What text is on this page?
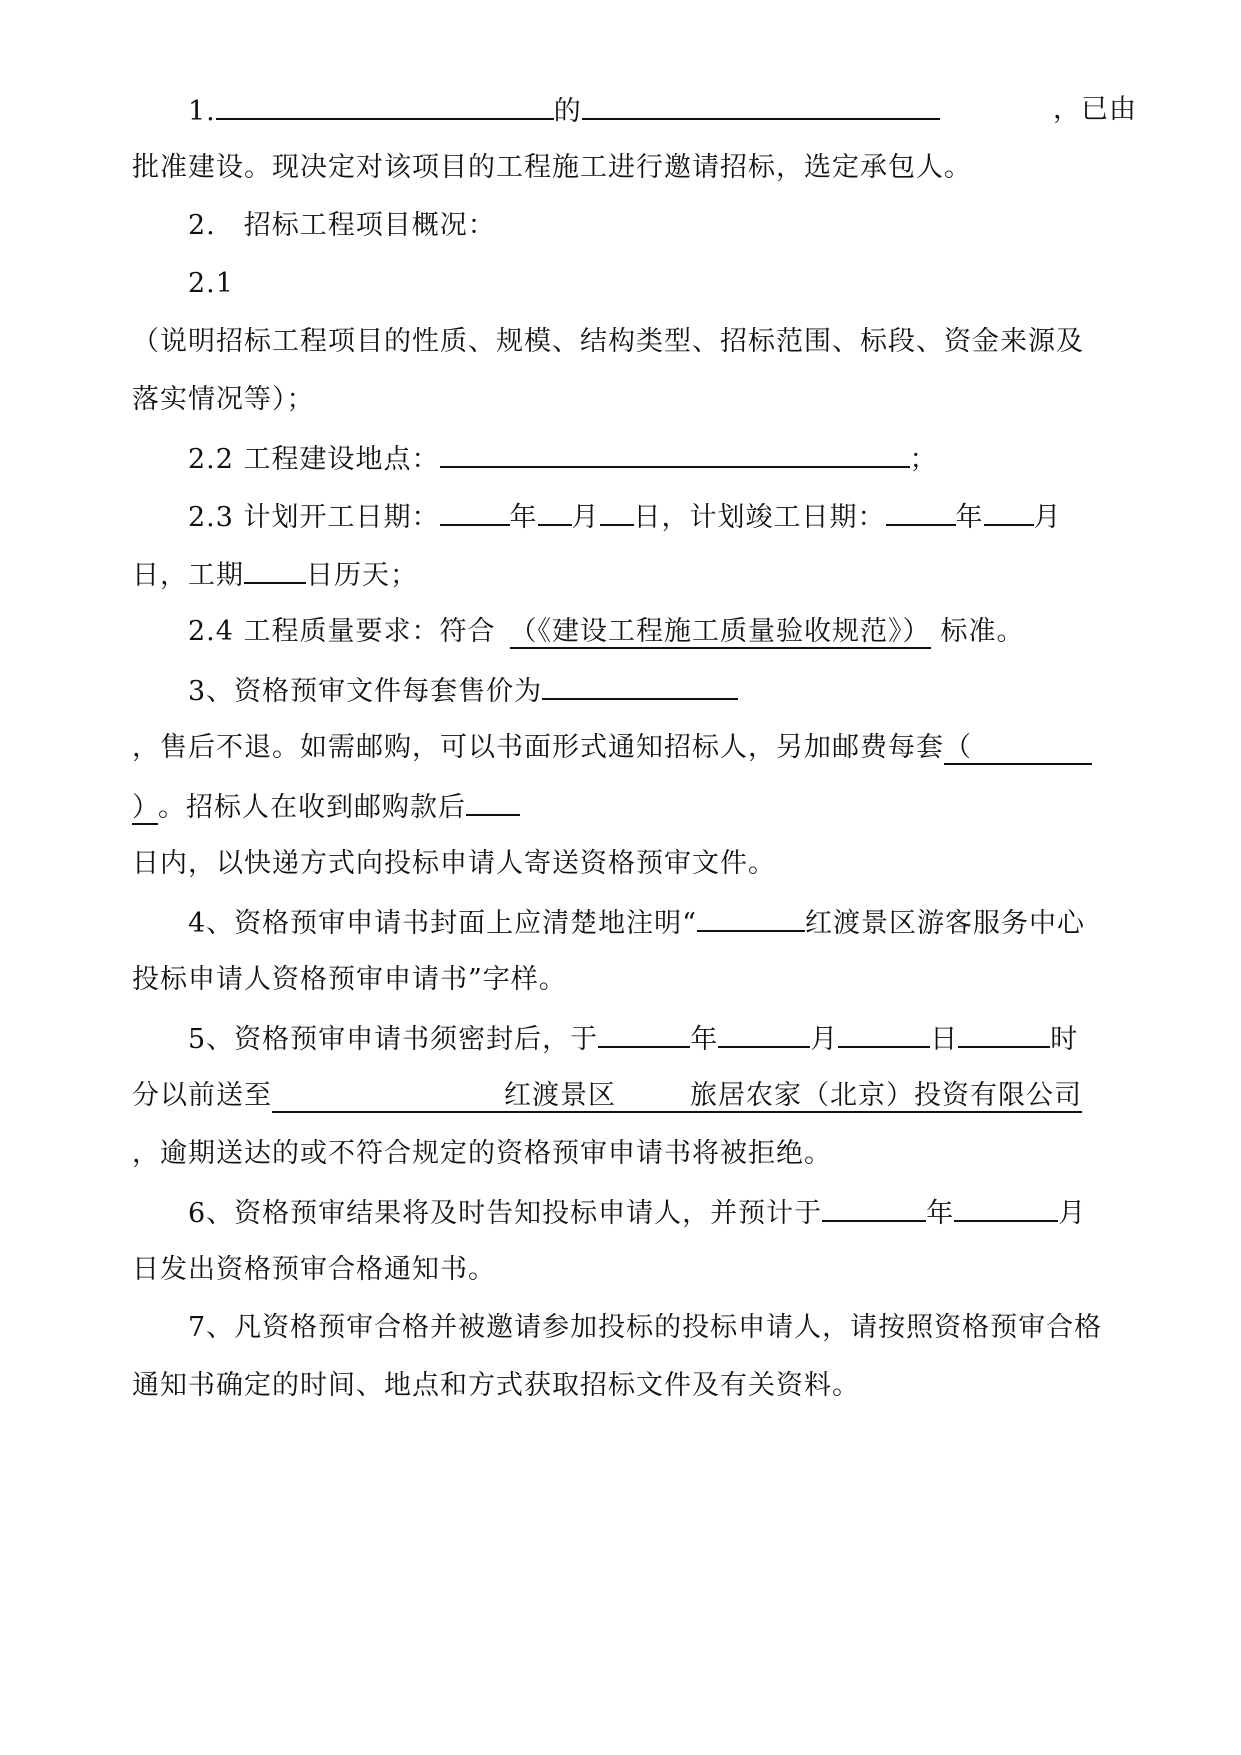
1.	的	，已由
批准建设。现决定对该项目的工程施工进行邀请招标，选定承包人。
2.　招标工程项目概况：
2.1
（说明招标工程项目的性质、规模、结构类型、招标范围、标段、资金来源及
落实情况等）；
2.2 工程建设地点：	；
2.3 计划开工日期：	年 月 日，计划竣工日期：	年 月
日，工期 日历天；
2.4 工程质量要求：符合 （《建设工程施工质量验收规范》） 标准。
3、资格预审文件每套售价为
，售后不退。如需邮购，可以书面形式通知招标人，另加邮费每套（
）。招标人在收到邮购款后
日内，以快递方式向投标申请人寄送资格预审文件。
4、资格预审申请书封面上应清楚地注明“	红渡景区游客服务中心
投标申请人资格预审申请书”字样。
5、资格预审申请书须密封后，于	年	月	日	时
分以前送至	红渡景区	旅居农家（北京）投资有限公司
，逾期送达的或不符合规定的资格预审申请书将被拒绝。
6、资格预审结果将及时告知投标申请人，并预计于	年	月
日发出资格预审合格通知书。
7、凡资格预审合格并被邀请参加投标的投标申请人，请按照资格预审合格
通知书确定的时间、地点和方式获取招标文件及有关资料。
